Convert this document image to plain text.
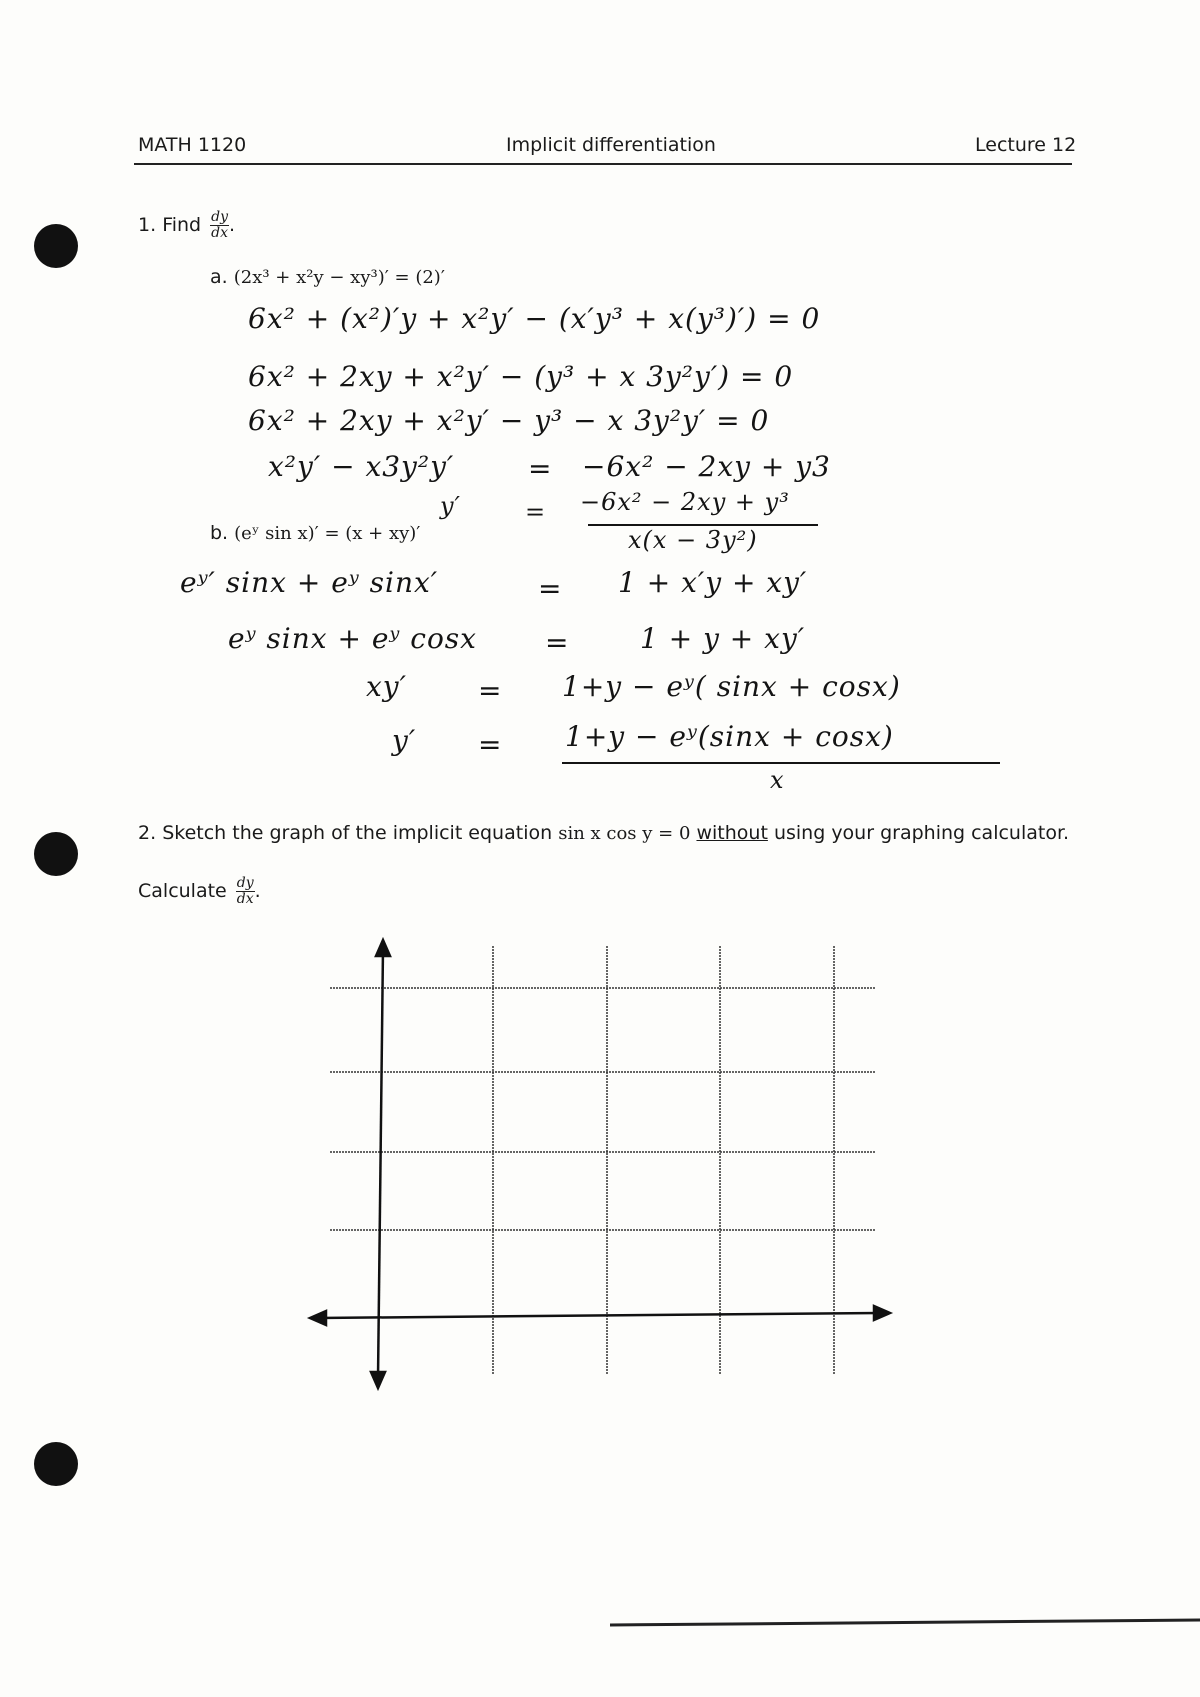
MATH 1120	Implicit differentiation	Lecture 12
1. Find $\frac{dy}{dx}$ .
a. (2x³ + x²y − xy³)′ = (2)′
6x² + (x²)′y + x²y′ − (x′y³ + x(y³)′) = 0
6x² + 2xy + x²y′ − (y³ + x 3y²y′) = 0
6x² + 2xy + x²y′ − y³ − x 3y²y′ = 0
x²y′ − x3y²y′	= −6x² − 2xy + y3
y′	= −6x² − 2xy + y³
x(x − 3y²)
b. (eʸ sin x)′ = (x + xy)′
eʸ′ sinx + eʸ sinx′	= 1 + x′y + xy′
eʸ sinx + eʸ cosx =	1 + y + xy′
xy′	= 1+y − eʸ( sinx + cosx)
y′ = 1+y − eʸ(sinx + cosx)
x
2. Sketch the graph of the implicit equation sin x cos y = 0 without using your graphing calculator.
Calculate $\frac{dy}{dx}$ .
